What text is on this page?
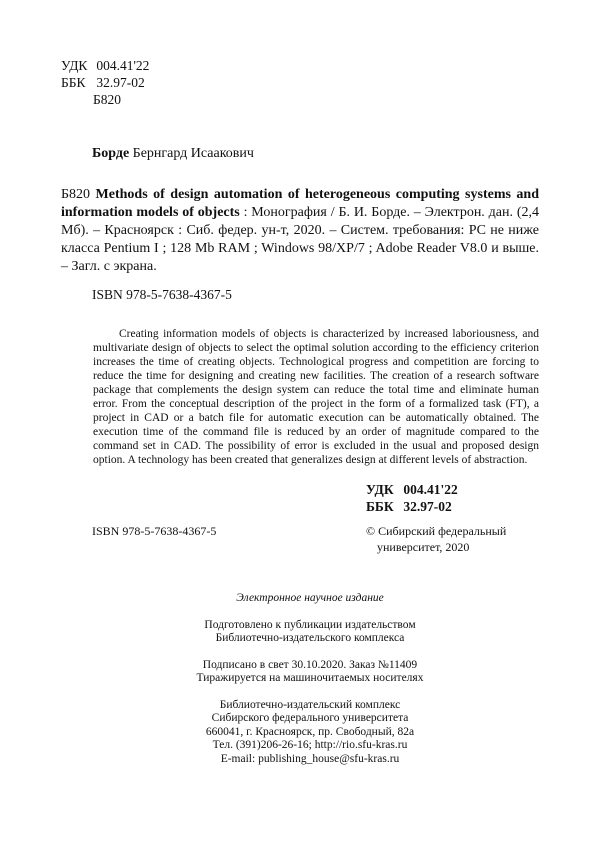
УДК 004.41'22
ББК 32.97-02
Б820
Борде Бернгард Исаакович
Б820 Methods of design automation of heterogeneous computing systems and information models of objects : Монография / Б. И. Борде. – Электрон. дан. (2,4 Мб). – Красноярск : Сиб. федер. ун-т, 2020. – Систем. требования: PC не ниже класса Pentium I ; 128 Mb RAM ; Windows 98/XP/7 ; Adobe Reader V8.0 и выше. – Загл. с экрана.
ISBN 978-5-7638-4367-5

Creating information models of objects is characterized by increased laboriousness, and multivariate design of objects to select the optimal solution according to the efficiency criterion increases the time of creating objects. Technological progress and competition are forcing to reduce the time for designing and creating new facilities. The creation of a research software package that complements the design system can reduce the total time and eliminate human error. From the conceptual description of the project in the form of a formalized task (FT), a project in CAD or a batch file for automatic execution can be automatically obtained. The execution time of the command file is reduced by an order of magnitude compared to the command set in CAD. The possibility of error is excluded in the usual and proposed design option. A technology has been created that generalizes design at different levels of abstraction.

УДК 004.41'22
ББК 32.97-02
ISBN 978-5-7638-4367-5	© Сибирский федеральный
университет, 2020

Электронное научное издание

Подготовлено к публикации издательством

Библиотечно-издательского комплекса

Подписано в свет 30.10.2020. Заказ №11409

Тиражируется на машиночитаемых носителях

Библиотечно-издательский комплекс

Сибирского федерального университета

660041, г. Красноярск, пр. Свободный, 82а

Тел. (391)206-26-16; http://rio.sfu-kras.ru

E-mail: publishing_house@sfu-kras.ru
